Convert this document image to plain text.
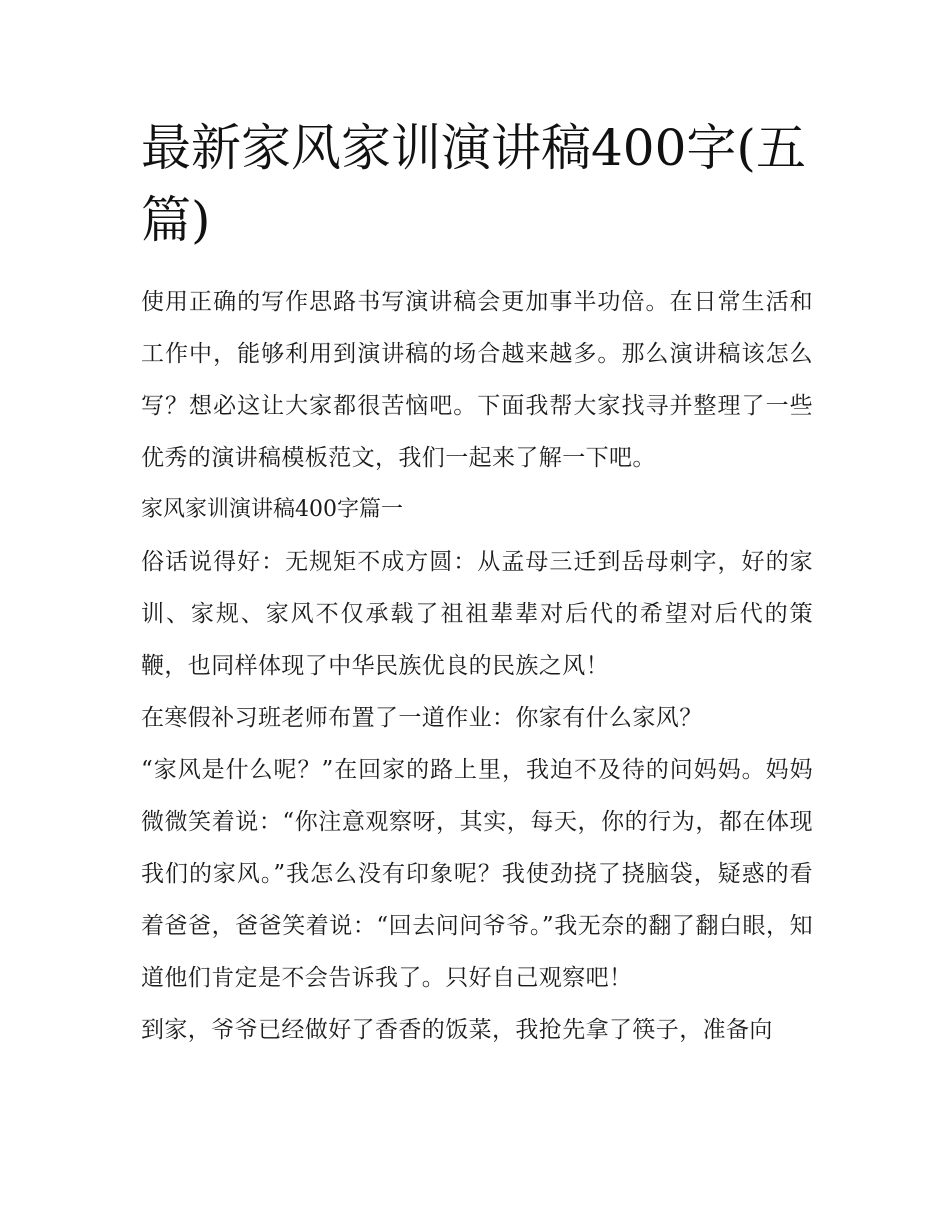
最新家风家训演讲稿400字(五篇)

使用正确的写作思路书写演讲稿会更加事半功倍。在日常生活和工作中，能够利用到演讲稿的场合越来越多。那么演讲稿该怎么写？想必这让大家都很苦恼吧。下面我帮大家找寻并整理了一些优秀的演讲稿模板范文，我们一起来了解一下吧。

家风家训演讲稿400字篇一

俗话说得好：无规矩不成方圆：从孟母三迁到岳母刺字，好的家训、家规、家风不仅承载了祖祖辈辈对后代的希望对后代的策鞭，也同样体现了中华民族优良的民族之风！

在寒假补习班老师布置了一道作业：你家有什么家风？

“家风是什么呢？”在回家的路上里，我迫不及待的问妈妈。妈妈微微笑着说：“你注意观察呀，其实，每天，你的行为，都在体现我们的家风。”我怎么没有印象呢？我使劲挠了挠脑袋，疑惑的看着爸爸，爸爸笑着说：“回去问问爷爷。”我无奈的翻了翻白眼，知道他们肯定是不会告诉我了。只好自己观察吧！

到家，爷爷已经做好了香香的饭菜，我抢先拿了筷子，准备向
